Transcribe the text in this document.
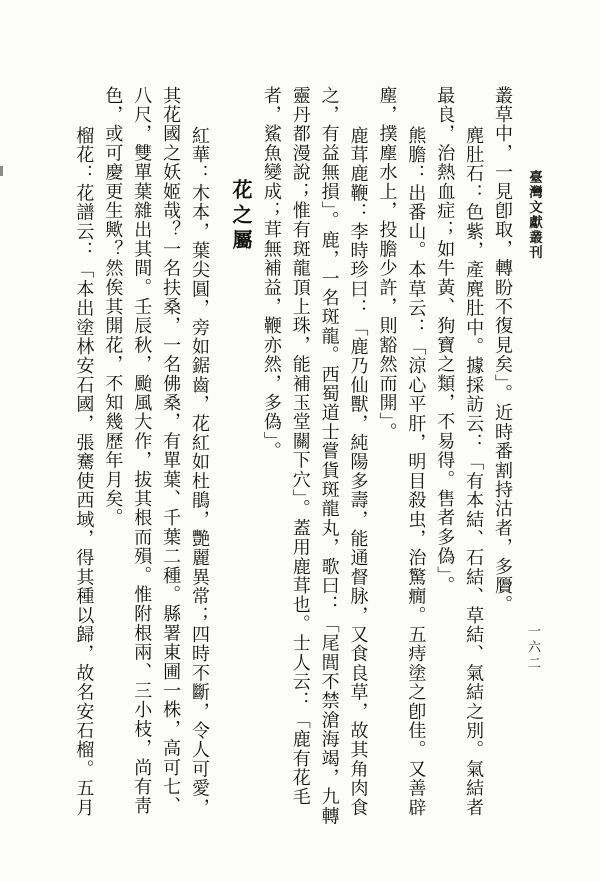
臺灣文獻叢刊
一六二
叢草中，一見卽取，轉盼不復見矣」。近時番割持沽者，多贗。
麂肚石：色紫，產麂肚中。據採訪云：「有本結、石結、草結、氣結之別。氣結者
最良，治熱血症；如牛黃、狗寶之類，不易得。售者多偽」。
熊膽：出番山。本草云：「涼心平肝，明目殺虫，治驚癇。五痔塗之卽佳。又善辟
塵，撲塵水上，投膽少許，則豁然而開」。
鹿茸鹿鞭：李時珍曰：「鹿乃仙獸，純陽多壽，能通督脉，又食良草，故其角肉食
之，有益無損」。鹿，一名斑龍。西蜀道士嘗貨斑龍丸，歌曰：「尾閭不禁滄海竭，九轉
靈丹都漫說；惟有斑龍頂上珠，能補玉堂關下穴」。蓋用鹿茸也。士人云：「鹿有花毛
者，鯊魚變成；茸無補益，鞭亦然，多偽」。
花之屬
紅華：木本，葉尖圓，旁如鋸齒，花紅如杜鵑，艷麗異常；四時不斷，令人可愛，
其花國之妖姬哉？一名扶桑，一名佛桑，有單葉、千葉二種。縣署東圃一株，高可七、
八尺，雙單葉雜出其間。壬辰秋，颱風大作，拔其根而殞。惟附根兩、三小枝，尚有靑
色，或可慶更生歟？然俟其開花，不知幾歷年月矣。
榴花：花譜云：「本出塗林安石國，張騫使西域，得其種以歸，故名安石榴。五月
